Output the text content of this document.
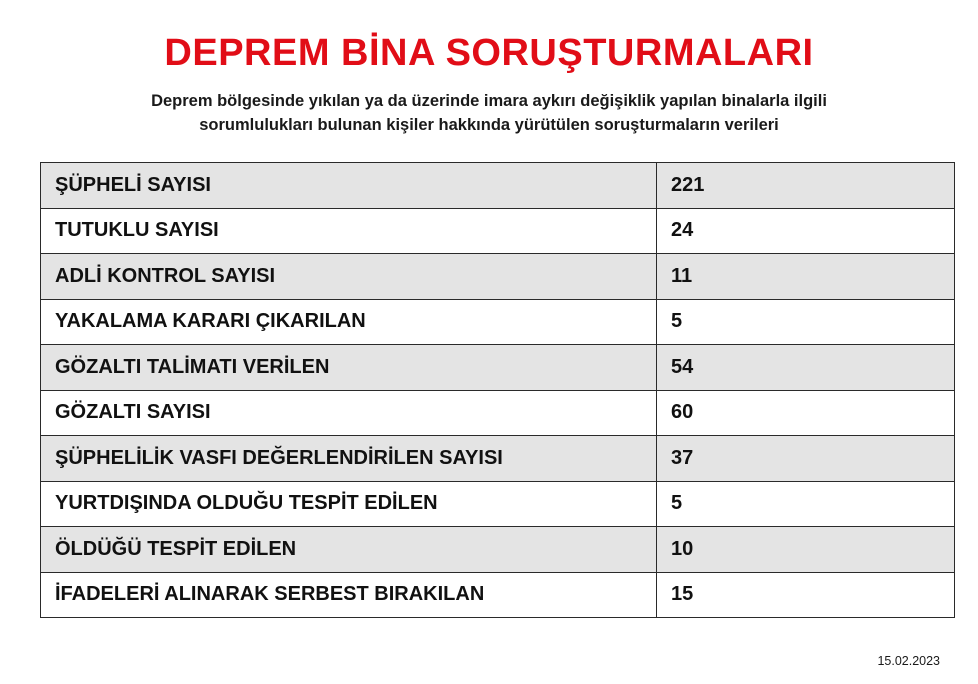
DEPREM BİNA SORUŞTURMALARI

Deprem bölgesinde yıkılan ya da üzerinde imara aykırı değişiklik yapılan binalarla ilgili
sorumlulukları bulunan kişiler hakkında yürütülen soruşturmaların verileri

ŞÜPHELİ SAYISI	221
TUTUKLU SAYISI	24
ADLİ KONTROL SAYISI	11
YAKALAMA KARARI ÇIKARILAN	5
GÖZALTI TALİMATI VERİLEN	54
GÖZALTI SAYISI	60
ŞÜPHELİLİK VASFI DEĞERLENDİRİLEN SAYISI	37
YURTDIŞINDA OLDUĞU TESPİT EDİLEN	5
ÖLDÜĞÜ TESPİT EDİLEN	10
İFADELERİ ALINARAK SERBEST BIRAKILAN	15

15.02.2023
